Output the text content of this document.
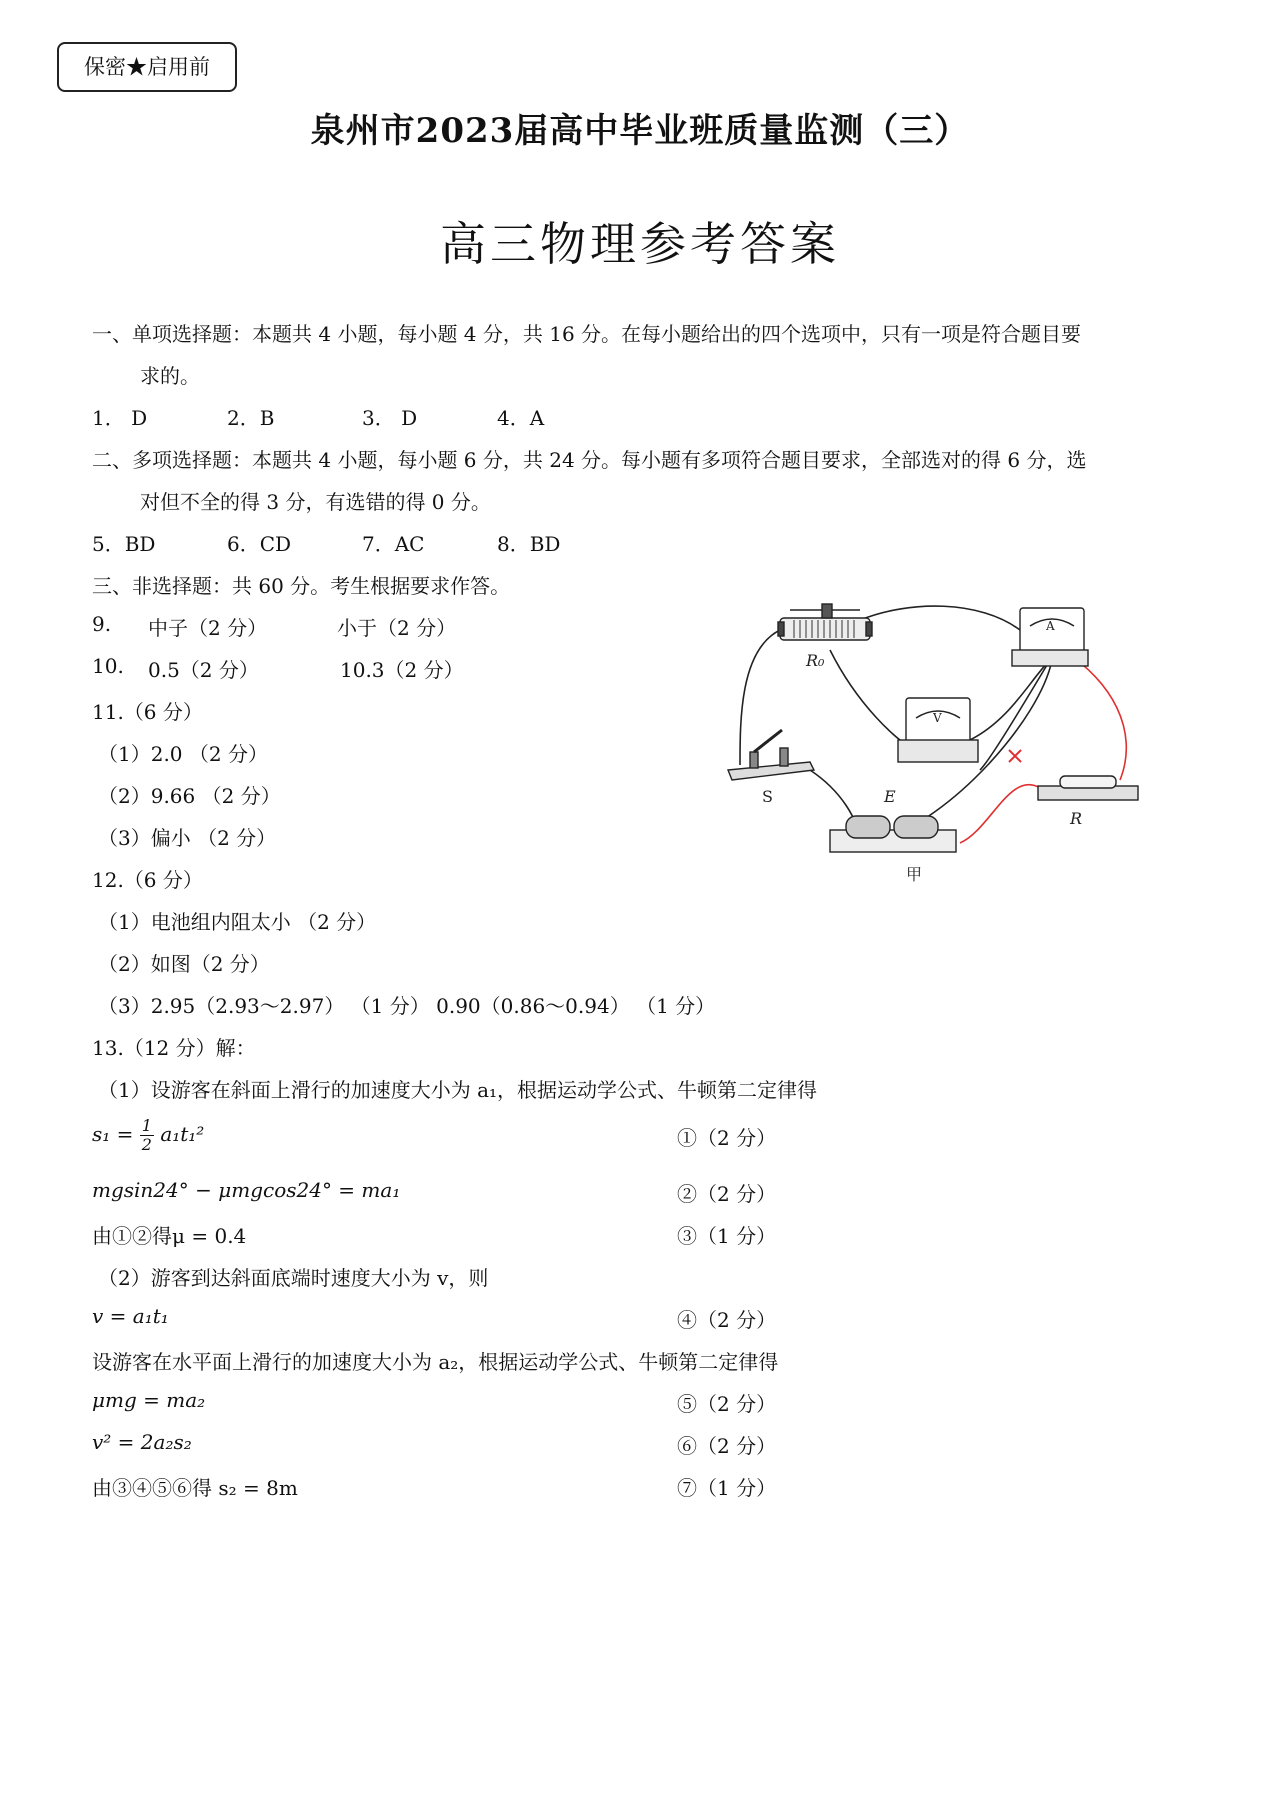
保密★启用前
泉州市2023届高中毕业班质量监测（三）
高三物理参考答案
一、单项选择题：本题共 4 小题，每小题 4 分，共 16 分。在每小题给出的四个选项中，只有一项是符合题目要
求的。
1． D	2．B	3． D	4．A
二、多项选择题：本题共 4 小题，每小题 6 分，共 24 分。每小题有多项符合题目要求，全部选对的得 6 分，选
对但不全的得 3 分，有选错的得 0 分。
5．BD	6．CD	7．AC	8．BD
三、非选择题：共 60 分。考生根据要求作答。
9. 中子（2 分）	小于（2 分）
10. 0.5（2 分）	10.3（2 分）
11.（6 分）
（1）2.0 （2 分）
（2）9.66 （2 分）
（3）偏小 （2 分）
12.（6 分）
（1）电池组内阻太小 （2 分）
（2）如图（2 分）
（3）2.95（2.93～2.97） （1 分） 0.90（0.86～0.94） （1 分）
13.（12 分）解：
（1）设游客在斜面上滑行的加速度大小为 a₁，根据运动学公式、牛顿第二定律得
$s_1 = \frac{1}{2} a_1t_1^2$	①（2 分）
mgsin24° − μmgcos24° = ma₁	②（2 分）
由①②得μ = 0.4	③（1 分）
（2）游客到达斜面底端时速度大小为 v，则
v = a₁t₁	④（2 分）
设游客在水平面上滑行的加速度大小为 a₂，根据运动学公式、牛顿第二定律得
μmg = ma₂	⑤（2 分）
v² = 2a₂s₂	⑥（2 分）
由③④⑤⑥得 s₂ = 8m	⑦（1 分）
R₀
A
V
S	E
甲
R
